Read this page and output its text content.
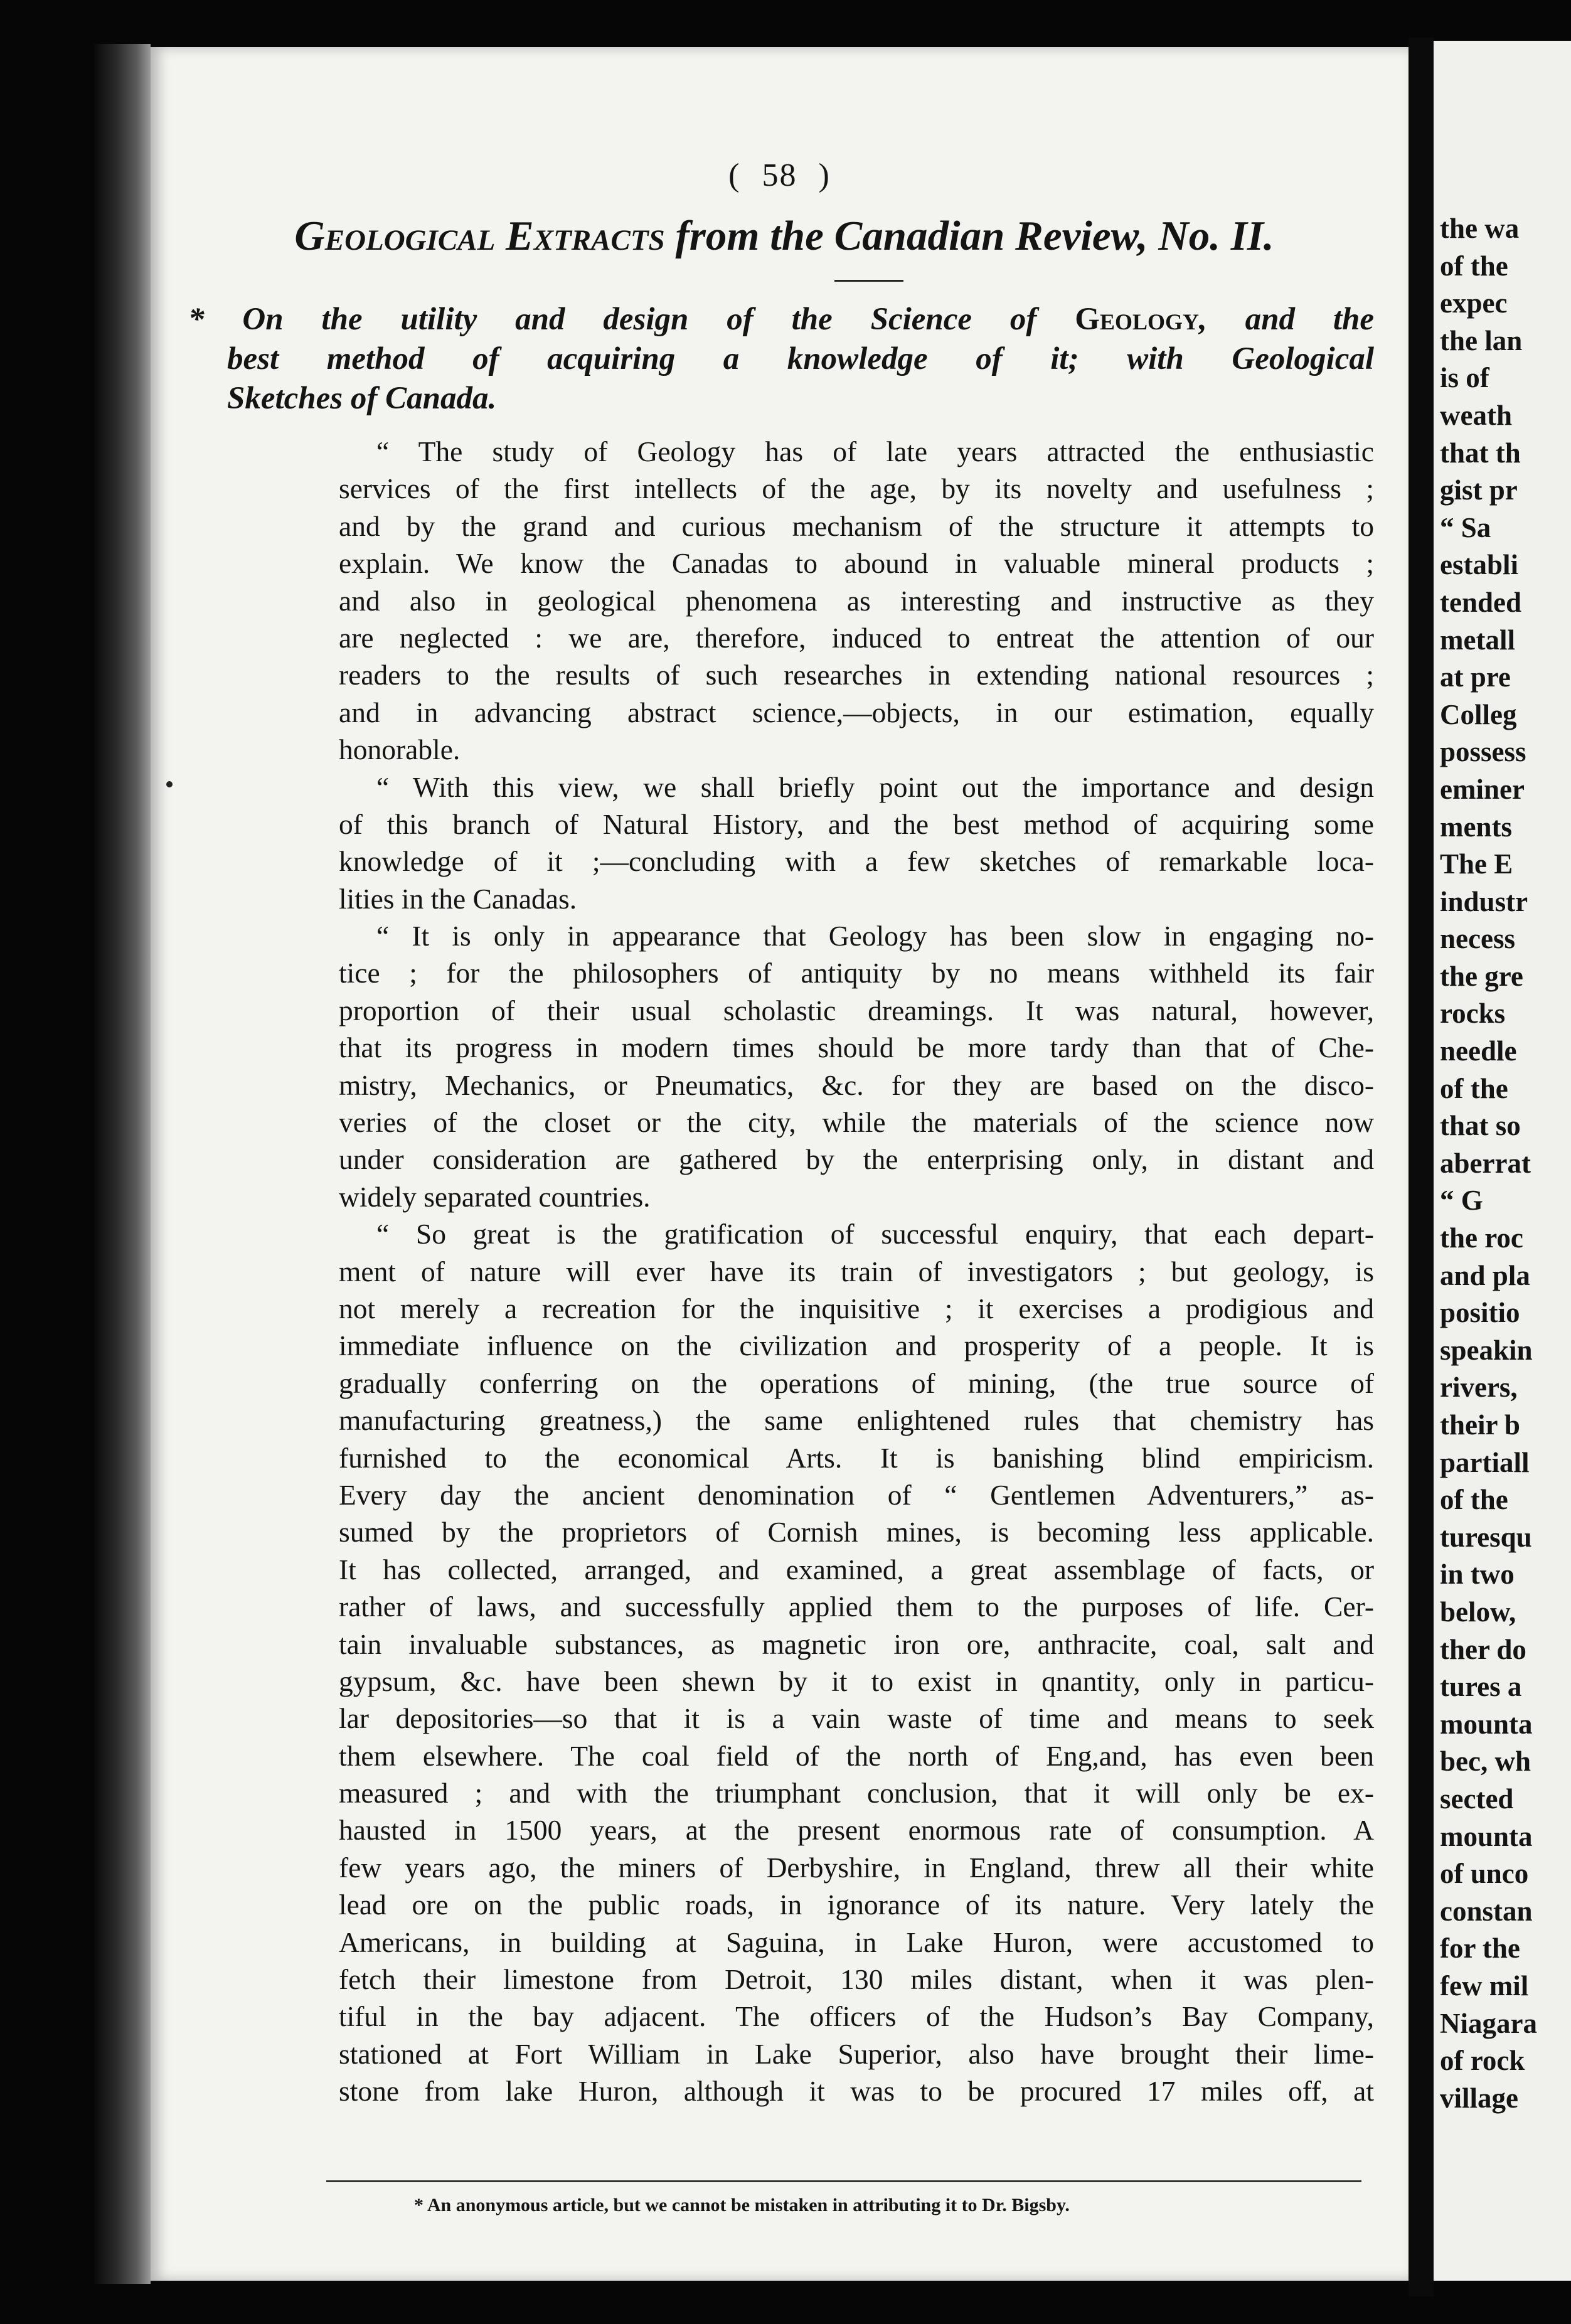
( 58 )
Geological Extracts from the Canadian Review, No. II.
* On the utility and design of the Science of Geology, and the
best method of acquiring a knowledge of it; with Geological
Sketches of Canada.
“ The study of Geology has of late years attracted the enthusiastic
services of the first intellects of the age, by its novelty and usefulness ;
and by the grand and curious mechanism of the structure it attempts to
explain. We know the Canadas to abound in valuable mineral products ;
and also in geological phenomena as interesting and instructive as they
are neglected : we are, therefore, induced to entreat the attention of our
readers to the results of such researches in extending national resources ;
and in advancing abstract science,—objects, in our estimation, equally
honorable.
“ With this view, we shall briefly point out the importance and design
of this branch of Natural History, and the best method of acquiring some
knowledge of it ;—concluding with a few sketches of remarkable loca-
lities in the Canadas.
“ It is only in appearance that Geology has been slow in engaging no-
tice ; for the philosophers of antiquity by no means withheld its fair
proportion of their usual scholastic dreamings. It was natural, however,
that its progress in modern times should be more tardy than that of Che-
mistry, Mechanics, or Pneumatics, &c. for they are based on the disco-
veries of the closet or the city, while the materials of the science now
under consideration are gathered by the enterprising only, in distant and
widely separated countries.
“ So great is the gratification of successful enquiry, that each depart-
ment of nature will ever have its train of investigators ; but geology, is
not merely a recreation for the inquisitive ; it exercises a prodigious and
immediate influence on the civilization and prosperity of a people. It is
gradually conferring on the operations of mining, (the true source of
manufacturing greatness,) the same enlightened rules that chemistry has
furnished to the economical Arts. It is banishing blind empiricism.
Every day the ancient denomination of “ Gentlemen Adventurers,” as-
sumed by the proprietors of Cornish mines, is becoming less applicable.
It has collected, arranged, and examined, a great assemblage of facts, or
rather of laws, and successfully applied them to the purposes of life. Cer-
tain invaluable substances, as magnetic iron ore, anthracite, coal, salt and
gypsum, &c. have been shewn by it to exist in qnantity, only in particu-
lar depositories—so that it is a vain waste of time and means to seek
them elsewhere. The coal field of the north of Eng,and, has even been
measured ; and with the triumphant conclusion, that it will only be ex-
hausted in 1500 years, at the present enormous rate of consumption. A
few years ago, the miners of Derbyshire, in England, threw all their white
lead ore on the public roads, in ignorance of its nature. Very lately the
Americans, in building at Saguina, in Lake Huron, were accustomed to
fetch their limestone from Detroit, 130 miles distant, when it was plen-
tiful in the bay adjacent. The officers of the Hudson’s Bay Company,
stationed at Fort William in Lake Superior, also have brought their lime-
stone from lake Huron, although it was to be procured 17 miles off, at
* An anonymous article, but we cannot be mistaken in attributing it to Dr. Bigsby.
the wa
of the
expec
the lan
is of
weath
that th
gist pr
“ Sa
establi
tended
metall
at pre
Colleg
possess
eminer
ments
The E
industr
necess
the gre
rocks
needle
of the
that so
aberrat
“ G
the roc
and pla
positio
speakin
rivers,
their b
partiall
of the
turesqu
in two
below,
ther do
tures a
mounta
bec, wh
sected
mounta
of unco
constan
for the
few mil
Niagara
of rock
village
